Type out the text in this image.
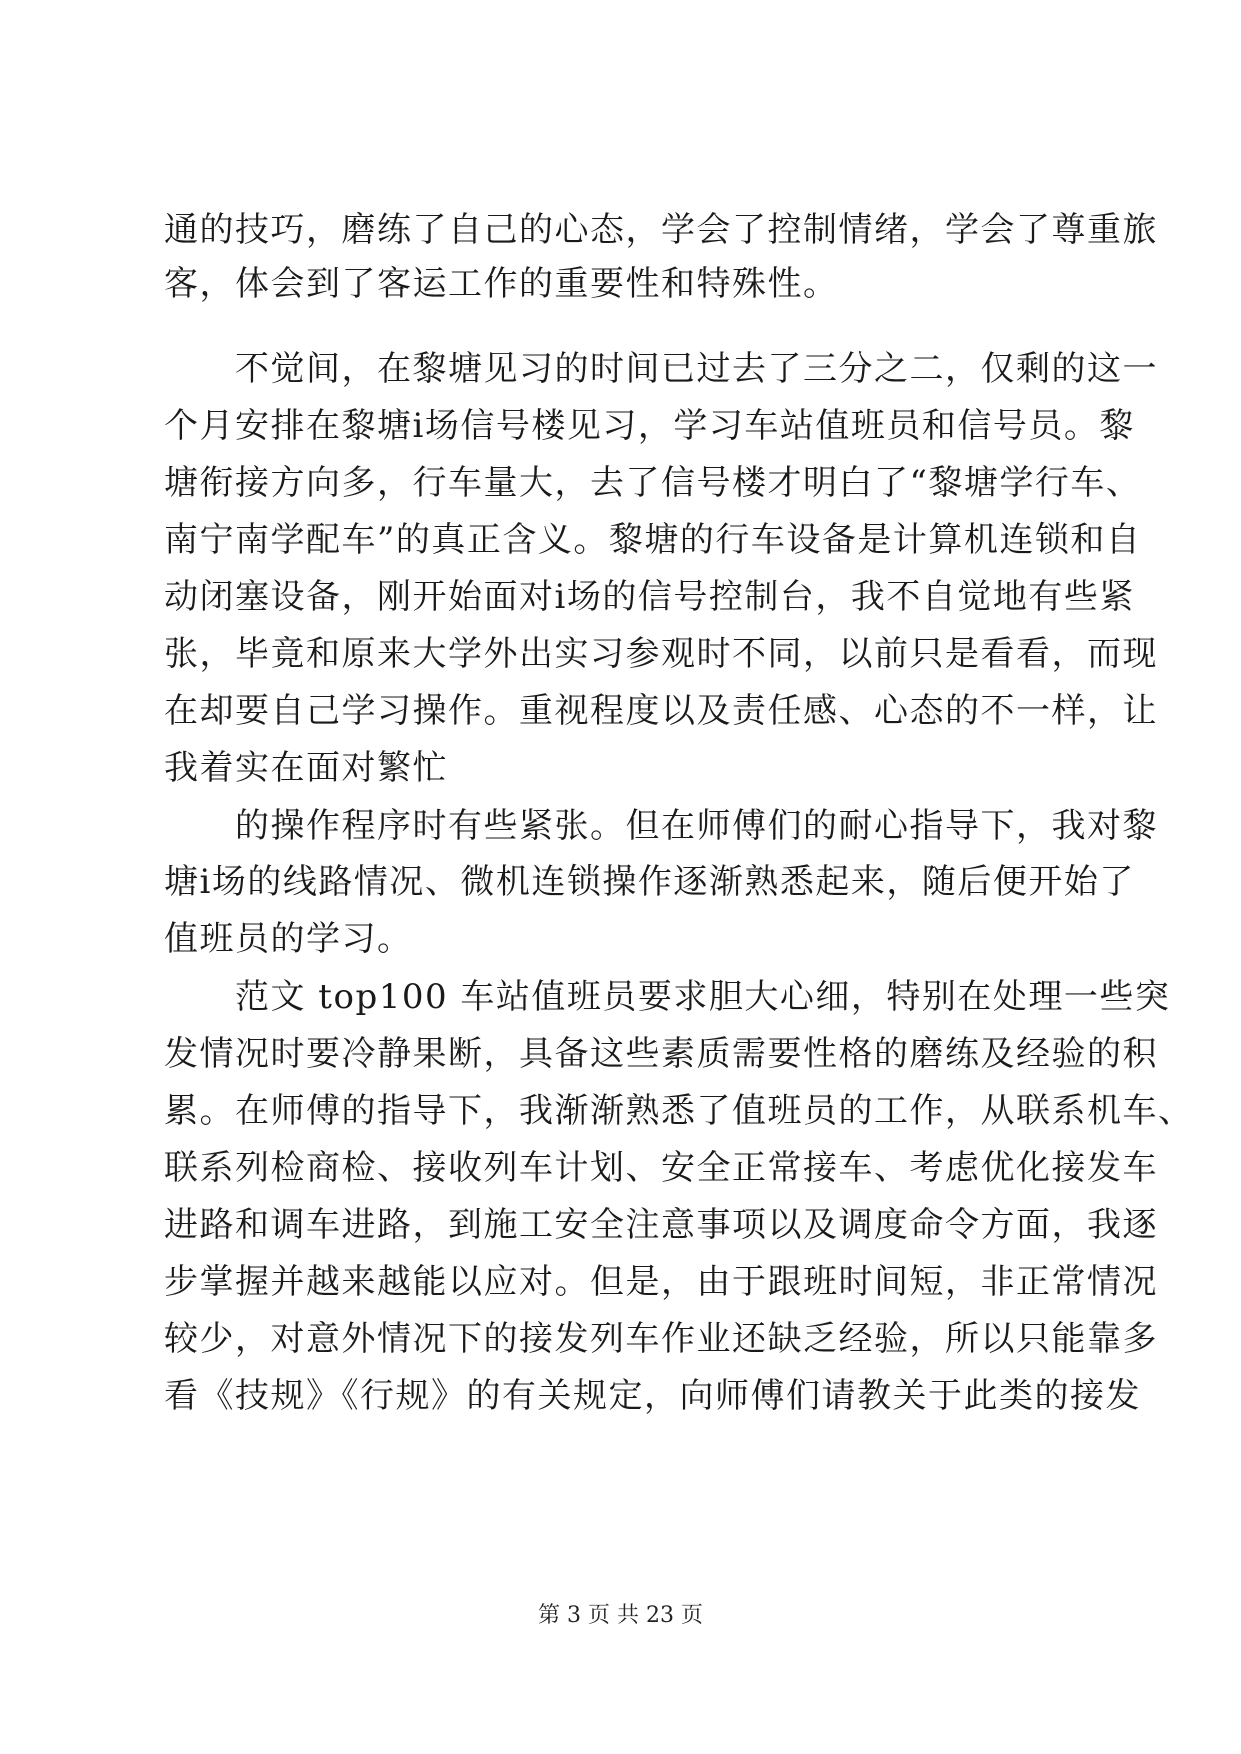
通的技巧，磨练了自己的心态，学会了控制情绪，学会了尊重旅
客，体会到了客运工作的重要性和特殊性。
　　不觉间，在黎塘见习的时间已过去了三分之二，仅剩的这一
个月安排在黎塘ⅰ场信号楼见习，学习车站值班员和信号员。黎
塘衔接方向多，行车量大，去了信号楼才明白了“黎塘学行车、
南宁南学配车”的真正含义。黎塘的行车设备是计算机连锁和自
动闭塞设备，刚开始面对ⅰ场的信号控制台，我不自觉地有些紧
张，毕竟和原来大学外出实习参观时不同，以前只是看看，而现
在却要自己学习操作。重视程度以及责任感、心态的不一样，让
我着实在面对繁忙
　　的操作程序时有些紧张。但在师傅们的耐心指导下，我对黎
塘ⅰ场的线路情况、微机连锁操作逐渐熟悉起来，随后便开始了
值班员的学习。
　　范文 top100 车站值班员要求胆大心细，特别在处理一些突
发情况时要冷静果断，具备这些素质需要性格的磨练及经验的积
累。在师傅的指导下，我渐渐熟悉了值班员的工作，从联系机车、
联系列检商检、接收列车计划、安全正常接车、考虑优化接发车
进路和调车进路，到施工安全注意事项以及调度命令方面，我逐
步掌握并越来越能以应对。但是，由于跟班时间短，非正常情况
较少，对意外情况下的接发列车作业还缺乏经验，所以只能靠多
看《技规》《行规》的有关规定，向师傅们请教关于此类的接发
第 3 页 共 23 页
